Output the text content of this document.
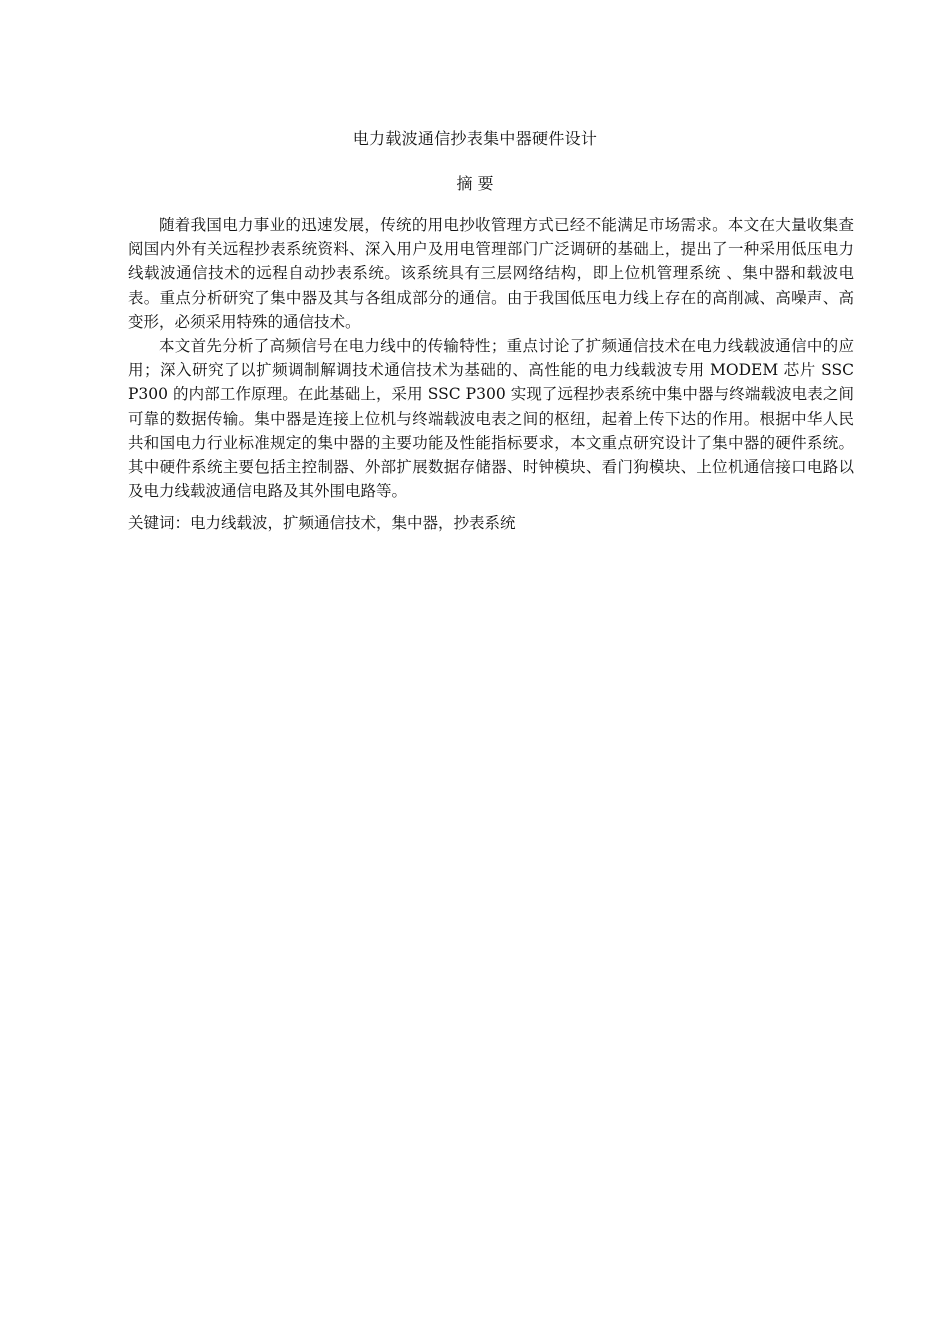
电力载波通信抄表集中器硬件设计
摘 要

随着我国电力事业的迅速发展，传统的用电抄收管理方式已经不能满足市场需求。本文在大量收集查阅国内外有关远程抄表系统资料、深入用户及用电管理部门广泛调研的基础上，提出了一种采用低压电力线载波通信技术的远程自动抄表系统。该系统具有三层网络结构，即上位机管理系统 、集中器和载波电表。重点分析研究了集中器及其与各组成部分的通信。由于我国低压电力线上存在的高削减、高噪声、高变形，必须采用特殊的通信技术。

本文首先分析了高频信号在电力线中的传输特性；重点讨论了扩频通信技术在电力线载波通信中的应用；深入研究了以扩频调制解调技术通信技术为基础的、高性能的电力线载波专用 MODEM 芯片 SSC P300 的内部工作原理。在此基础上，采用 SSC P300 实现了远程抄表系统中集中器与终端载波电表之间可靠的数据传输。集中器是连接上位机与终端载波电表之间的枢纽，起着上传下达的作用。根据中华人民共和国电力行业标准规定的集中器的主要功能及性能指标要求，本文重点研究设计了集中器的硬件系统。其中硬件系统主要包括主控制器、外部扩展数据存储器、时钟模块、看门狗模块、上位机通信接口电路以及电力线载波通信电路及其外围电路等。

关键词：电力线载波，扩频通信技术，集中器，抄表系统
